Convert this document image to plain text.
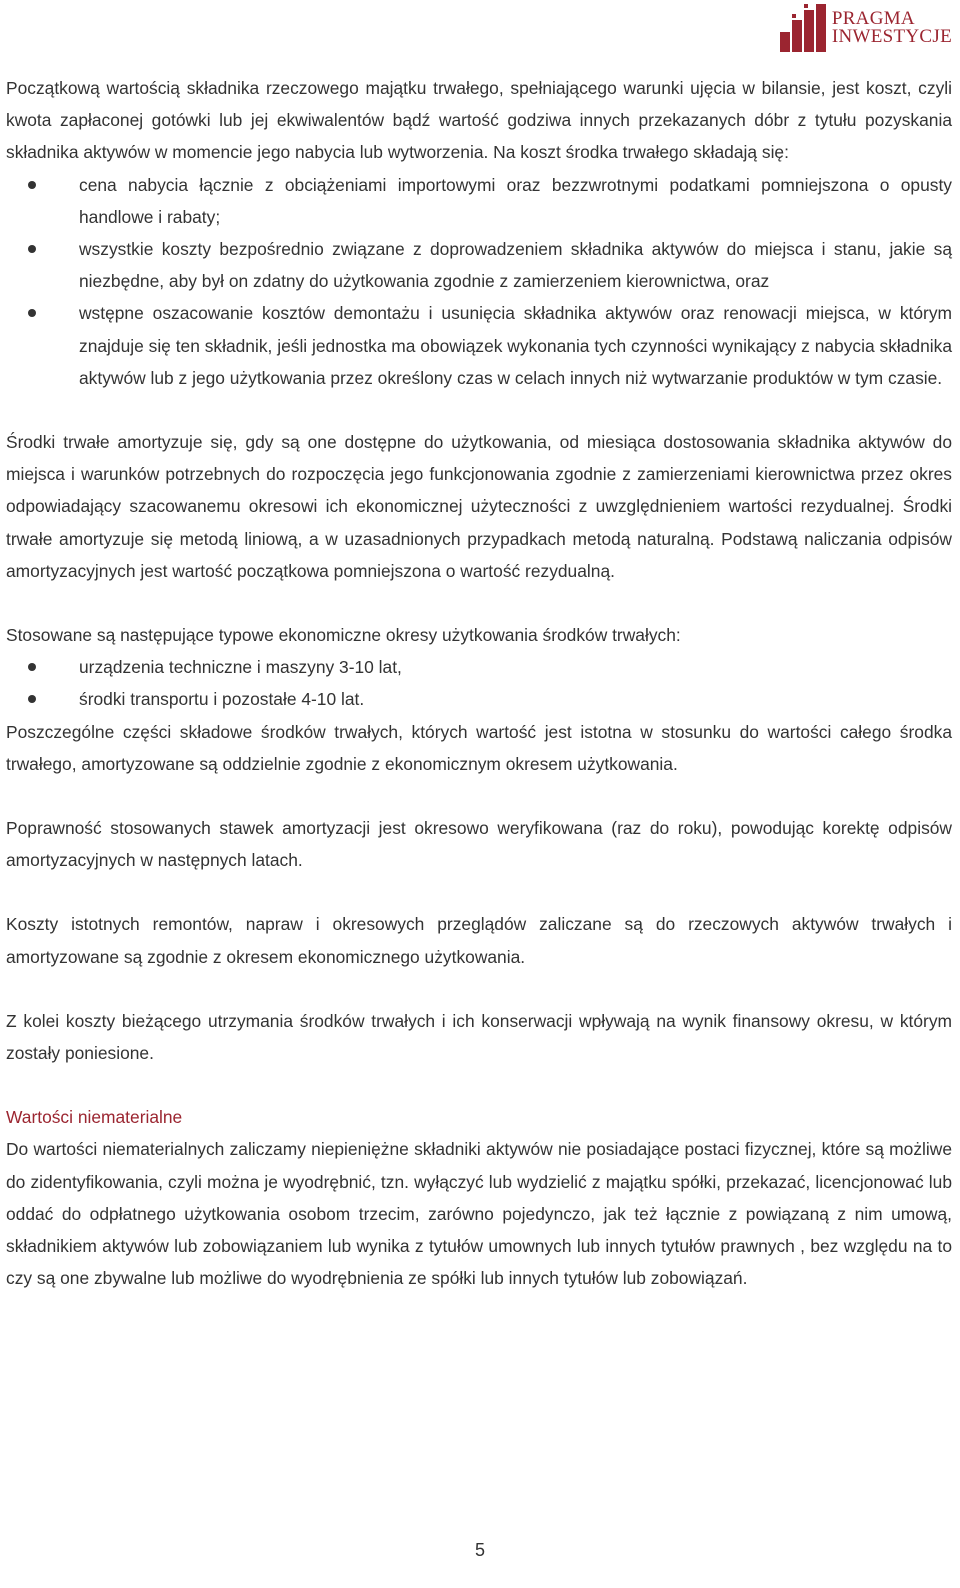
PRAGMA
INWESTYCJE

Początkową wartością składnika rzeczowego majątku trwałego, spełniającego warunki ujęcia w bilansie, jest koszt, czyli kwota zapłaconej gotówki lub jej ekwiwalentów bądź wartość godziwa innych przekazanych dóbr z tytułu pozyskania składnika aktywów w momencie jego nabycia lub wytworzenia. Na koszt środka trwałego składają się:

cena nabycia łącznie z obciążeniami importowymi oraz bezzwrotnymi podatkami pomniejszona o opusty handlowe i rabaty;
wszystkie koszty bezpośrednio związane z doprowadzeniem składnika aktywów do miejsca i stanu, jakie są niezbędne, aby był on zdatny do użytkowania zgodnie z zamierzeniem kierownictwa, oraz
wstępne oszacowanie kosztów demontażu i usunięcia składnika aktywów oraz renowacji miejsca, w którym znajduje się ten składnik, jeśli jednostka ma obowiązek wykonania tych czynności wynikający z nabycia składnika aktywów lub z jego użytkowania przez określony czas w celach innych niż wytwarzanie produktów w tym czasie.

Środki trwałe amortyzuje się, gdy są one dostępne do użytkowania, od miesiąca dostosowania składnika aktywów do miejsca i warunków potrzebnych do rozpoczęcia jego funkcjonowania zgodnie z zamierzeniami kierownictwa przez okres odpowiadający szacowanemu okresowi ich ekonomicznej użyteczności z uwzględnieniem wartości rezydualnej. Środki trwałe amortyzuje się metodą liniową, a w uzasadnionych przypadkach metodą naturalną. Podstawą naliczania odpisów amortyzacyjnych jest wartość początkowa pomniejszona o wartość rezydualną.

Stosowane są następujące typowe ekonomiczne okresy użytkowania środków trwałych:

urządzenia techniczne i maszyny 3-10 lat,
środki transportu i pozostałe 4-10 lat.

Poszczególne części składowe środków trwałych, których wartość jest istotna w stosunku do wartości całego środka trwałego, amortyzowane są oddzielnie zgodnie z ekonomicznym okresem użytkowania.

Poprawność stosowanych stawek amortyzacji jest okresowo weryfikowana (raz do roku), powodując korektę odpisów amortyzacyjnych w następnych latach.

Koszty istotnych remontów, napraw i okresowych przeglądów zaliczane są do rzeczowych aktywów trwałych i amortyzowane są zgodnie z okresem ekonomicznego użytkowania.

Z kolei koszty bieżącego utrzymania środków trwałych i ich konserwacji wpływają na wynik finansowy okresu, w którym zostały poniesione.

Wartości niematerialne

Do wartości niematerialnych zaliczamy niepieniężne składniki aktywów nie posiadające postaci fizycznej, które są możliwe do zidentyfikowania, czyli można je wyodrębnić, tzn. wyłączyć lub wydzielić z majątku spółki, przekazać, licencjonować lub oddać do odpłatnego użytkowania osobom trzecim, zarówno pojedynczo, jak też łącznie z powiązaną z nim umową, składnikiem aktywów lub zobowiązaniem lub wynika z tytułów umownych lub innych tytułów prawnych , bez względu na to czy są one zbywalne lub możliwe do wyodrębnienia ze spółki lub innych tytułów lub zobowiązań.

5
